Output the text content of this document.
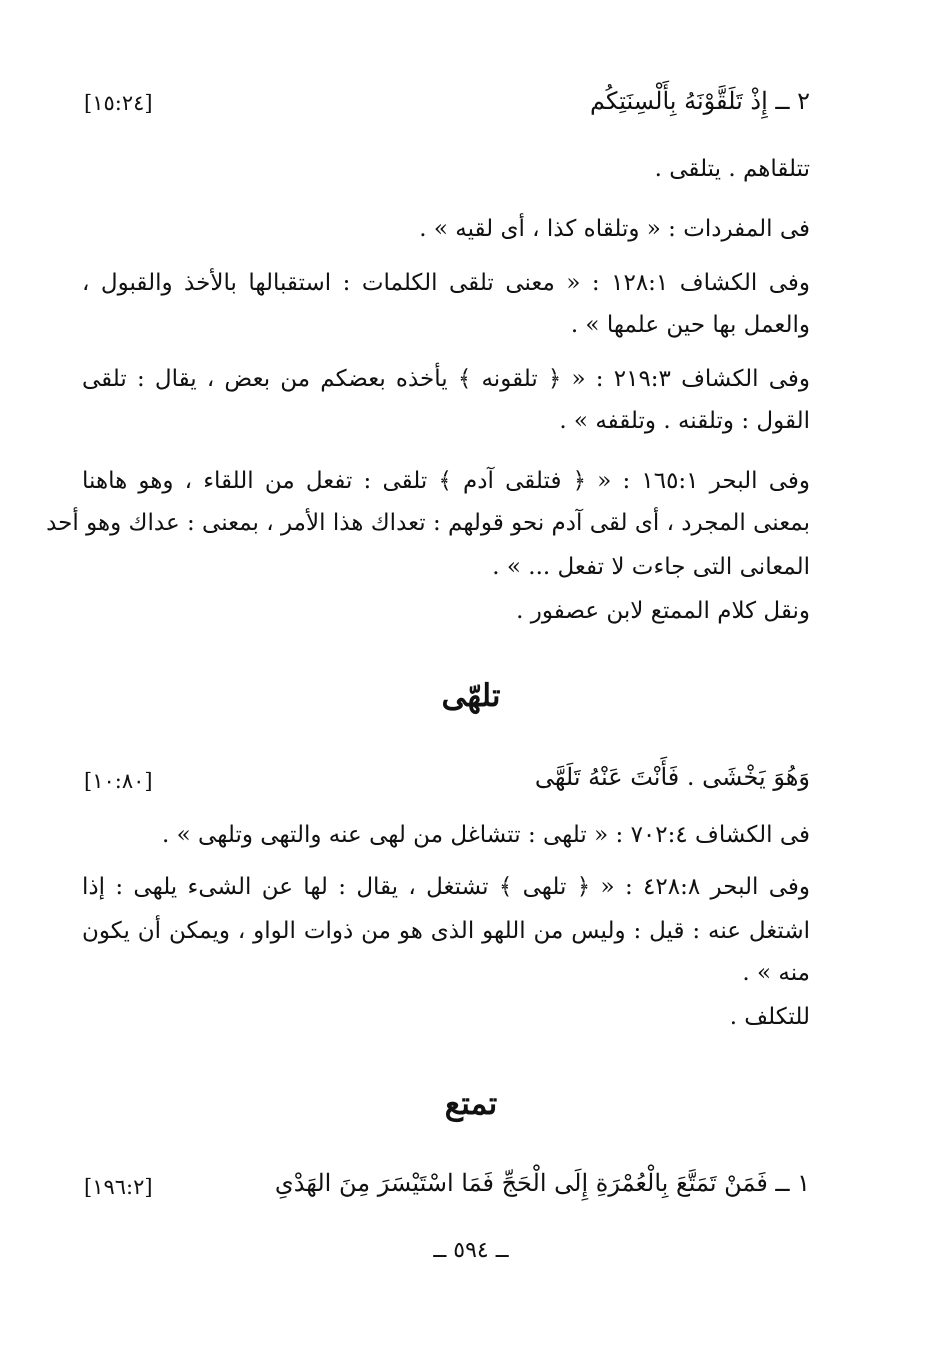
٢ ــ إِذْ تَلَقَّوْنَهُ بِأَلْسِنَتِكُم
[١٥:٢٤]
تتلقاهم . يتلقى .
فى المفردات : « وتلقاه كذا ، أى لقيه » .
وفى الكشاف ١٢٨:١ : « معنى تلقى الكلمات : استقبالها بالأخذ والقبول ،
والعمل بها حين علمها » .
وفى الكشاف ٢١٩:٣ : « ﴿ تلقونه ﴾ يأخذه بعضكم من بعض ، يقال : تلقى
القول : وتلقنه . وتلقفه » .
وفى البحر ١٦٥:١ : « ﴿ فتلقى آدم ﴾ تلقى : تفعل من اللقاء ، وهو هاهنا
بمعنى المجرد ، أى لقى آدم نحو قولهم : تعداك هذا الأمر ، بمعنى : عداك وهو أحد
المعانى التى جاءت لا تفعل ... » .
ونقل كلام الممتع لابن عصفور .
تلهّى
وَهُوَ يَخْشَى . فَأَنْتَ عَنْهُ تَلَهَّى
[١٠:٨٠]
فى الكشاف ٧٠٢:٤ : « تلهى : تتشاغل من لهى عنه والتهى وتلهى » .
وفى البحر ٤٢٨:٨ : « ﴿ تلهى ﴾ تشتغل ، يقال : لها عن الشىء يلهى : إذا
اشتغل عنه : قيل : وليس من اللهو الذى هو من ذوات الواو ، ويمكن أن يكون
منه » .
للتكلف .
تمتع
١ ــ فَمَنْ تَمَتَّعَ بِالْعُمْرَةِ إِلَى الْحَجِّ فَمَا اسْتَيْسَرَ مِنَ الهَدْىِ
[١٩٦:٢]
ــ ٥٩٤ ــ
